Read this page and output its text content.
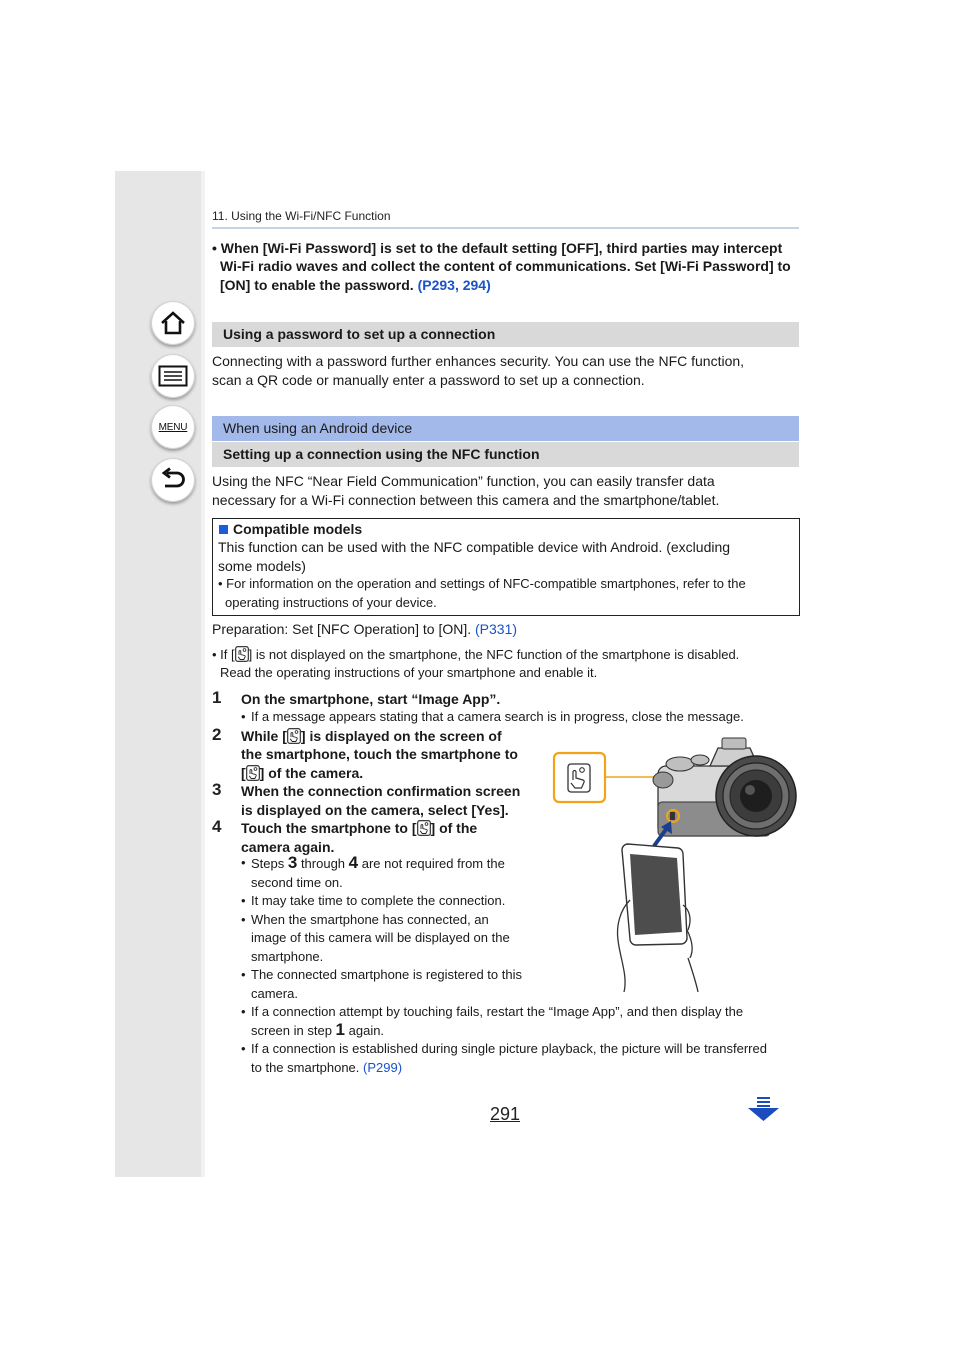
MENU
11. Using the Wi-Fi/NFC Function
• When [Wi-Fi Password] is set to the default setting [OFF], third parties may intercept
Wi-Fi radio waves and collect the content of communications. Set [Wi-Fi Password] to
[ON] to enable the password. (P293, 294)
Using a password to set up a connection
Connecting with a password further enhances security. You can use the NFC function,
scan a QR code or manually enter a password to set up a connection.
When using an Android device
Setting up a connection using the NFC function
Using the NFC “Near Field Communication” function, you can easily transfer data
necessary for a Wi-Fi connection between this camera and the smartphone/tablet.
Compatible models
This function can be used with the NFC compatible device with Android. (excluding
some models)
• For information on the operation and settings of NFC-compatible smartphones, refer to the
operating instructions of your device.
Preparation: Set [NFC Operation] to [ON]. (P331)
• If [ ] is not displayed on the smartphone, the NFC function of the smartphone is disabled.
Read the operating instructions of your smartphone and enable it.
1 On the smartphone, start “Image App”.
• If a message appears stating that a camera search is in progress, close the message.
2 While [ ] is displayed on the screen of
the smartphone, touch the smartphone to
[ ] of the camera.
3 When the connection confirmation screen
is displayed on the camera, select [Yes].
4 Touch the smartphone to [ ] of the
camera again.
• Steps 3 through 4 are not required from the
second time on.
• It may take time to complete the connection.
• When the smartphone has connected, an
image of this camera will be displayed on the
smartphone.
• The connected smartphone is registered to this
camera.
• If a connection attempt by touching fails, restart the “Image App”, and then display the
screen in step 1 again.
• If a connection is established during single picture playback, the picture will be transferred
to the smartphone. (P299)
291
